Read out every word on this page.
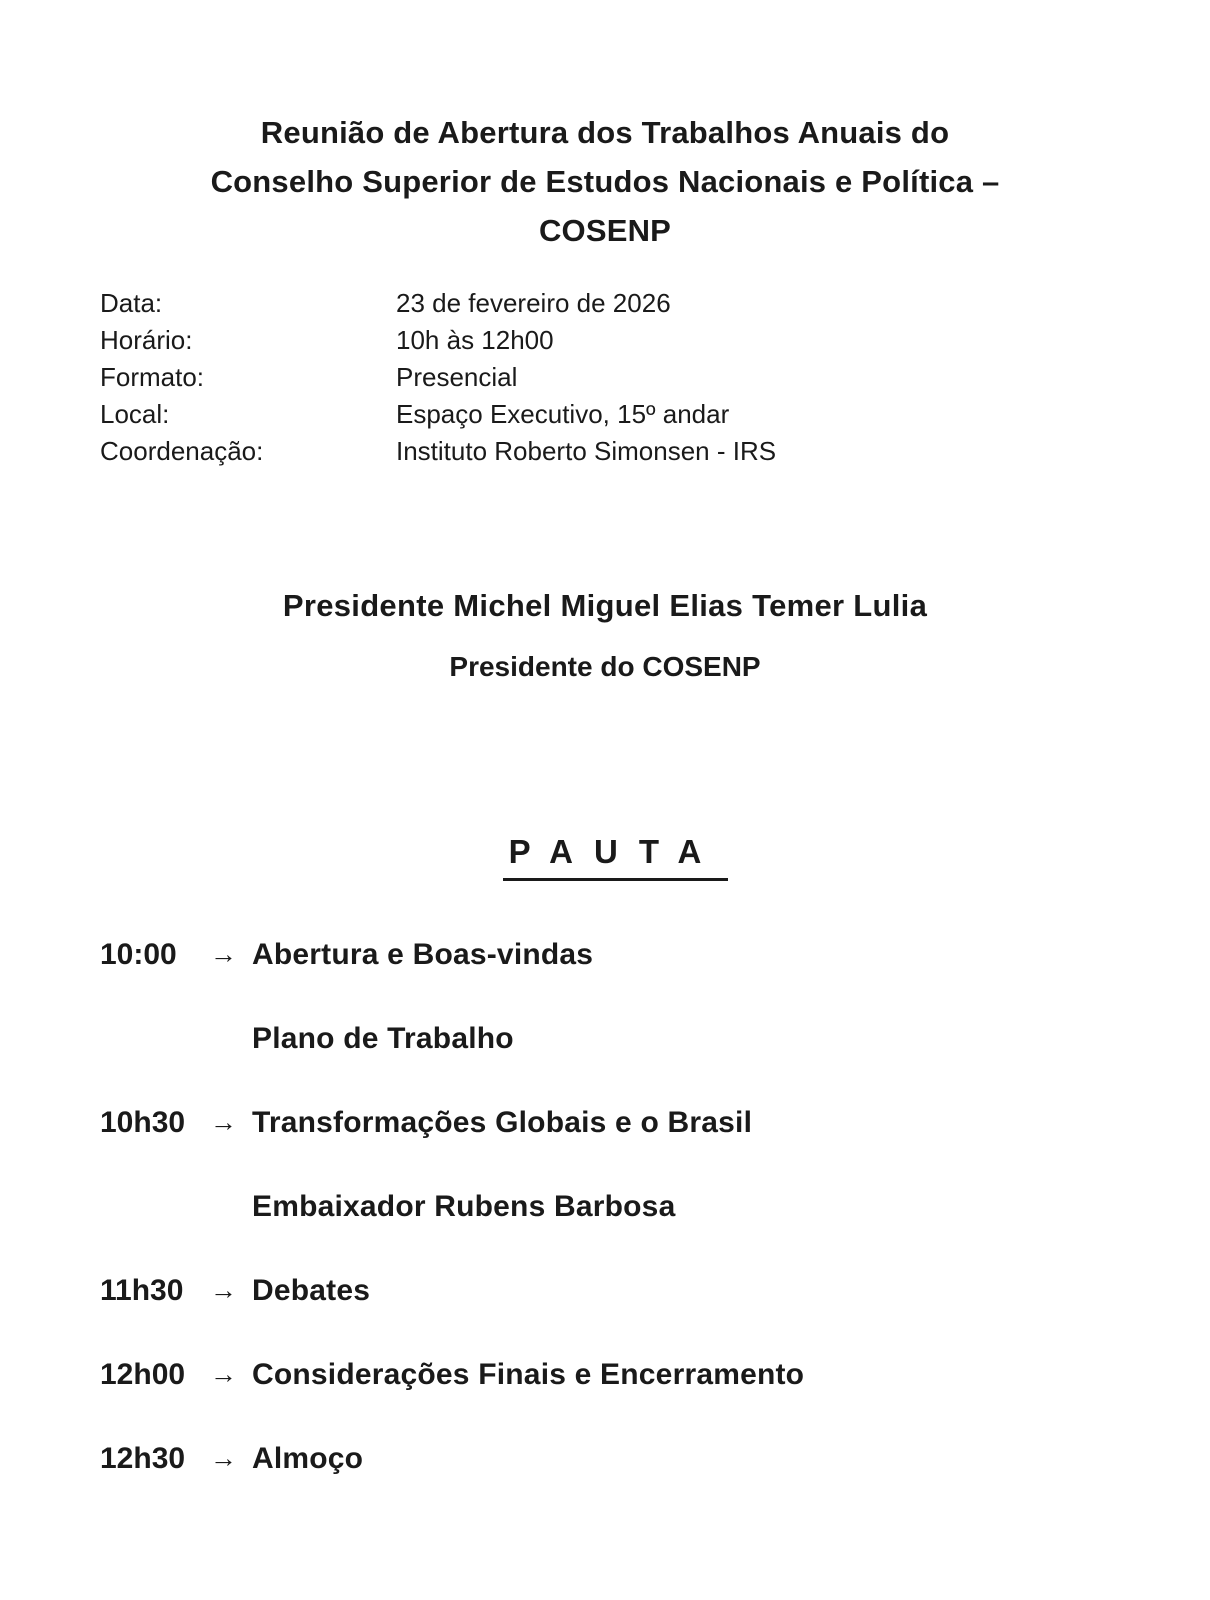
Reunião de Abertura dos Trabalhos Anuais do
Conselho Superior de Estudos Nacionais e Política –
COSENP
Data:	23 de fevereiro de 2026
Horário:	10h às 12h00
Formato:	Presencial
Local:	Espaço Executivo, 15º andar
Coordenação:	Instituto Roberto Simonsen - IRS
Presidente Michel Miguel Elias Temer Lulia
Presidente do COSENP
PAUTA
10:00	→ Abertura e Boas-vindas
Plano de Trabalho
10h30 → Transformações Globais e o Brasil
Embaixador Rubens Barbosa
11h30 → Debates
12h00 → Considerações Finais e Encerramento
12h30 → Almoço
